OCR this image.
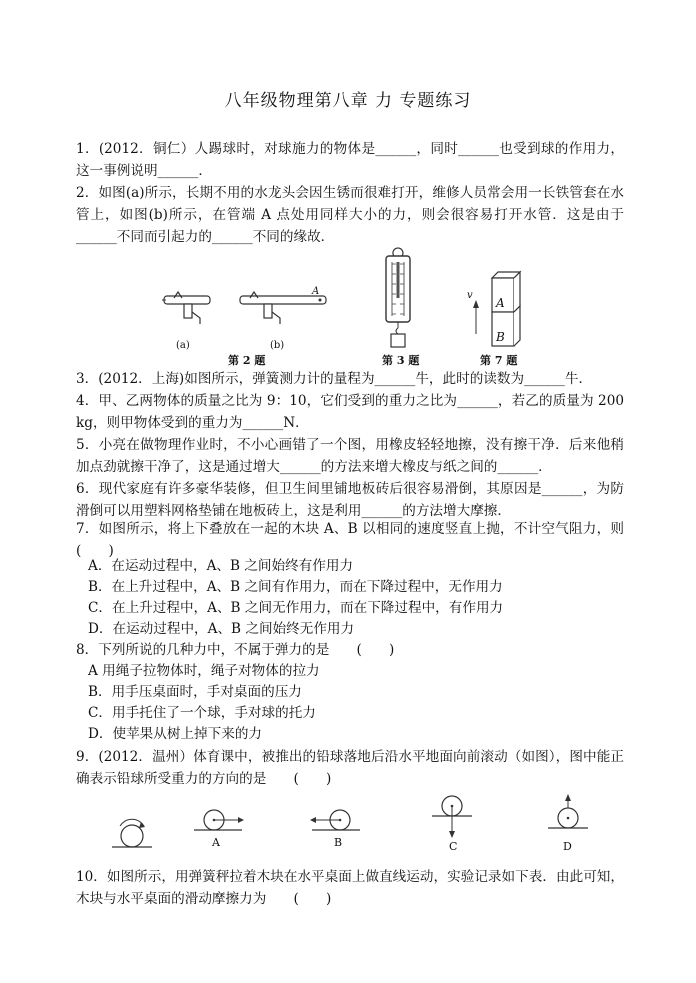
八年级物理第八章 力 专题练习
1．(2012．铜仁）人踢球时，对球施力的物体是______，同时______也受到球的作用力，这一事例说明______．
2．如图(a)所示，长期不用的水龙头会因生锈而很难打开，维修人员常会用一长铁管套在水管上，如图(b)所示，在管端 A 点处用同样大小的力，则会很容易打开水管．这是由于______不同而引起力的______不同的缘故．
(a)
A
(b)
第 2 题	第 3 题
v
A
B
第 7 题
3．(2012．上海)如图所示，弹簧测力计的量程为______牛，此时的读数为______牛．
4．甲、乙两物体的质量之比为 9：10，它们受到的重力之比为______，若乙的质量为 200 kg，则甲物体受到的重力为______N．
5．小亮在做物理作业时，不小心画错了一个图，用橡皮轻轻地擦，没有擦干净．后来他稍加点劲就擦干净了，这是通过增大______的方法来增大橡皮与纸之间的______．
6．现代家庭有许多豪华装修，但卫生间里铺地板砖后很容易滑倒，其原因是______，为防滑倒可以用塑料网格垫铺在地板砖上，这是利用______的方法增大摩擦．
7．如图所示，将上下叠放在一起的木块 A、B 以相同的速度竖直上抛，不计空气阻力，则　(　　)
A．在运动过程中，A、B 之间始终有作用力
B．在上升过程中，A、B 之间有作用力，而在下降过程中，无作用力
C．在上升过程中，A、B 之间无作用力，而在下降过程中，有作用力
D．在运动过程中，A、B 之间始终无作用力
8．下列所说的几种力中，不属于弹力的是　　(　　)
A 用绳子拉物体时，绳子对物体的拉力
B．用手压桌面时，手对桌面的压力
C．用手托住了一个球，手对球的托力
D．使苹果从树上掉下来的力
9．(2012．温州）体育课中，被推出的铅球落地后沿水平地面向前滚动（如图），图中能正确表示铅球所受重力的方向的是　　(　　)
A	B	C	D
10．如图所示，用弹簧秤拉着木块在水平桌面上做直线运动，实验记录如下表．由此可知，木块与水平桌面的滑动摩擦力为　　(　　)
